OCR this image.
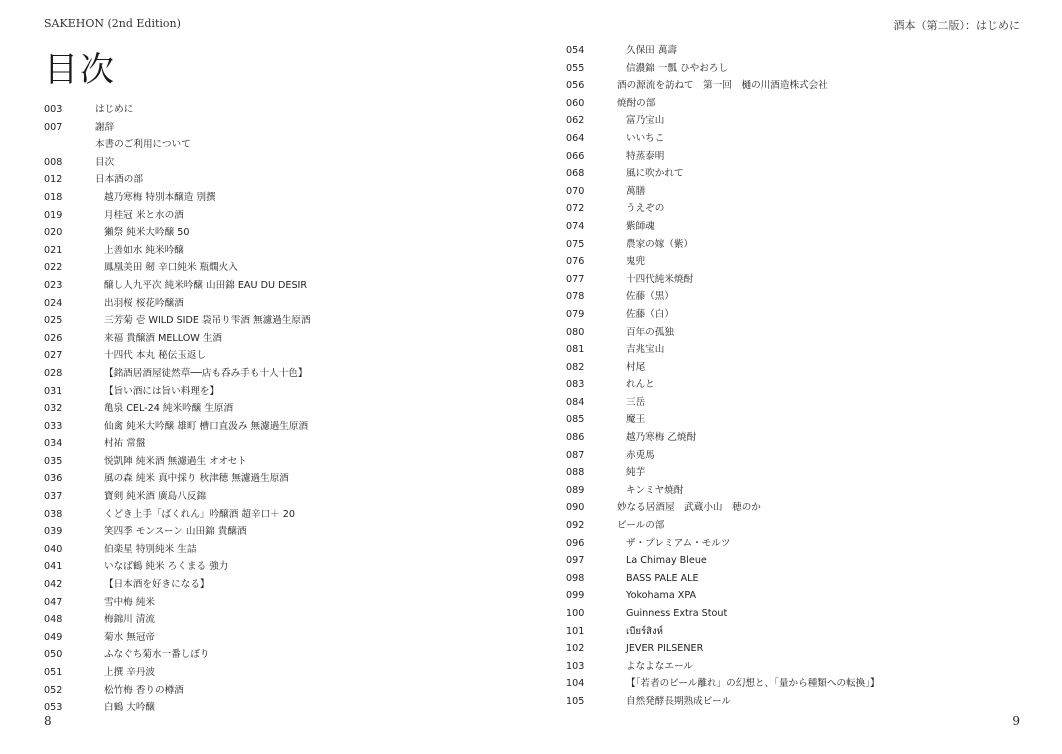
SAKEHON (2nd Edition)
目次
003	はじめに
007	謝辞
本書のご利用について
008	目次
012	日本酒の部
018	越乃寒梅 特別本醸造 別撰
019	月桂冠 米と水の酒
020	獺祭 純米大吟醸 50
021	上善如水 純米吟醸
022	鳳凰美田 剱 辛口純米 瓶燗火入
023	醸し人九平次 純米吟醸 山田錦 EAU DU DESIR
024	出羽桜 桜花吟醸酒
025	三芳菊 壱 WILD SIDE 袋吊り雫酒 無濾過生原酒
026	来福 貴醸酒 MELLOW 生酒
027	十四代 本丸 秘伝玉返し
028	【銘酒居酒屋徒然草──店も呑み手も十人十色】
031	【旨い酒には旨い料理を】
032	亀泉 CEL-24 純米吟醸 生原酒
033	仙禽 純米大吟醸 雄町 槽口直汲み 無濾過生原酒
034	村祐 常盤
035	悦凱陣 純米酒 無濾過生 オオセト
036	風の森 純米 真中採り 秋津穂 無濾過生原酒
037	寶剣 純米酒 廣島八反錦
038	くどき上手「ばくれん」吟醸酒 超辛口＋ 20
039	笑四季 モンスーン 山田錦 貴醸酒
040	伯楽星 特別純米 生詰
041	いなば鶴 純米 ろくまる 強力
042	【日本酒を好きになる】
047	雪中梅 純米
048	梅錦川 清流
049	菊水 無冠帝
050	ふなぐち菊水一番しぼり
051	上撰 辛丹波
052	松竹梅 香りの樽酒
053	白鶴 大吟醸
8
酒本（第二版）：はじめに
054	久保田 萬壽
055	信濃錦 一瓢 ひやおろし
056	酒の源流を訪ねて　第一回　樋の川酒造株式会社
060	焼酎の部
062	富乃宝山
064	いいちこ
066	特蒸泰明
068	風に吹かれて
070	萬膳
072	うえぞの
074	紫師魂
075	農家の嫁（紫）
076	鬼兜
077	十四代純米焼酎
078	佐藤（黒）
079	佐藤（白）
080	百年の孤独
081	吉兆宝山
082	村尾
083	れんと
084	三岳
085	魔王
086	越乃寒梅 乙焼酎
087	赤兎馬
088	純芋
089	キンミヤ焼酎
090	妙なる居酒屋　武蔵小山　穂のか
092	ビールの部
096	ザ・プレミアム・モルツ
097	La Chimay Bleue
098	BASS PALE ALE
099	Yokohama XPA
100	Guinness Extra Stout
101	เบียร์สิงห์
102	JEVER PILSENER
103	よなよなエール
104	【「若者のビール離れ」の幻想と、「量から種類への転換」】
105	自然発酵長期熟成ビール
9
